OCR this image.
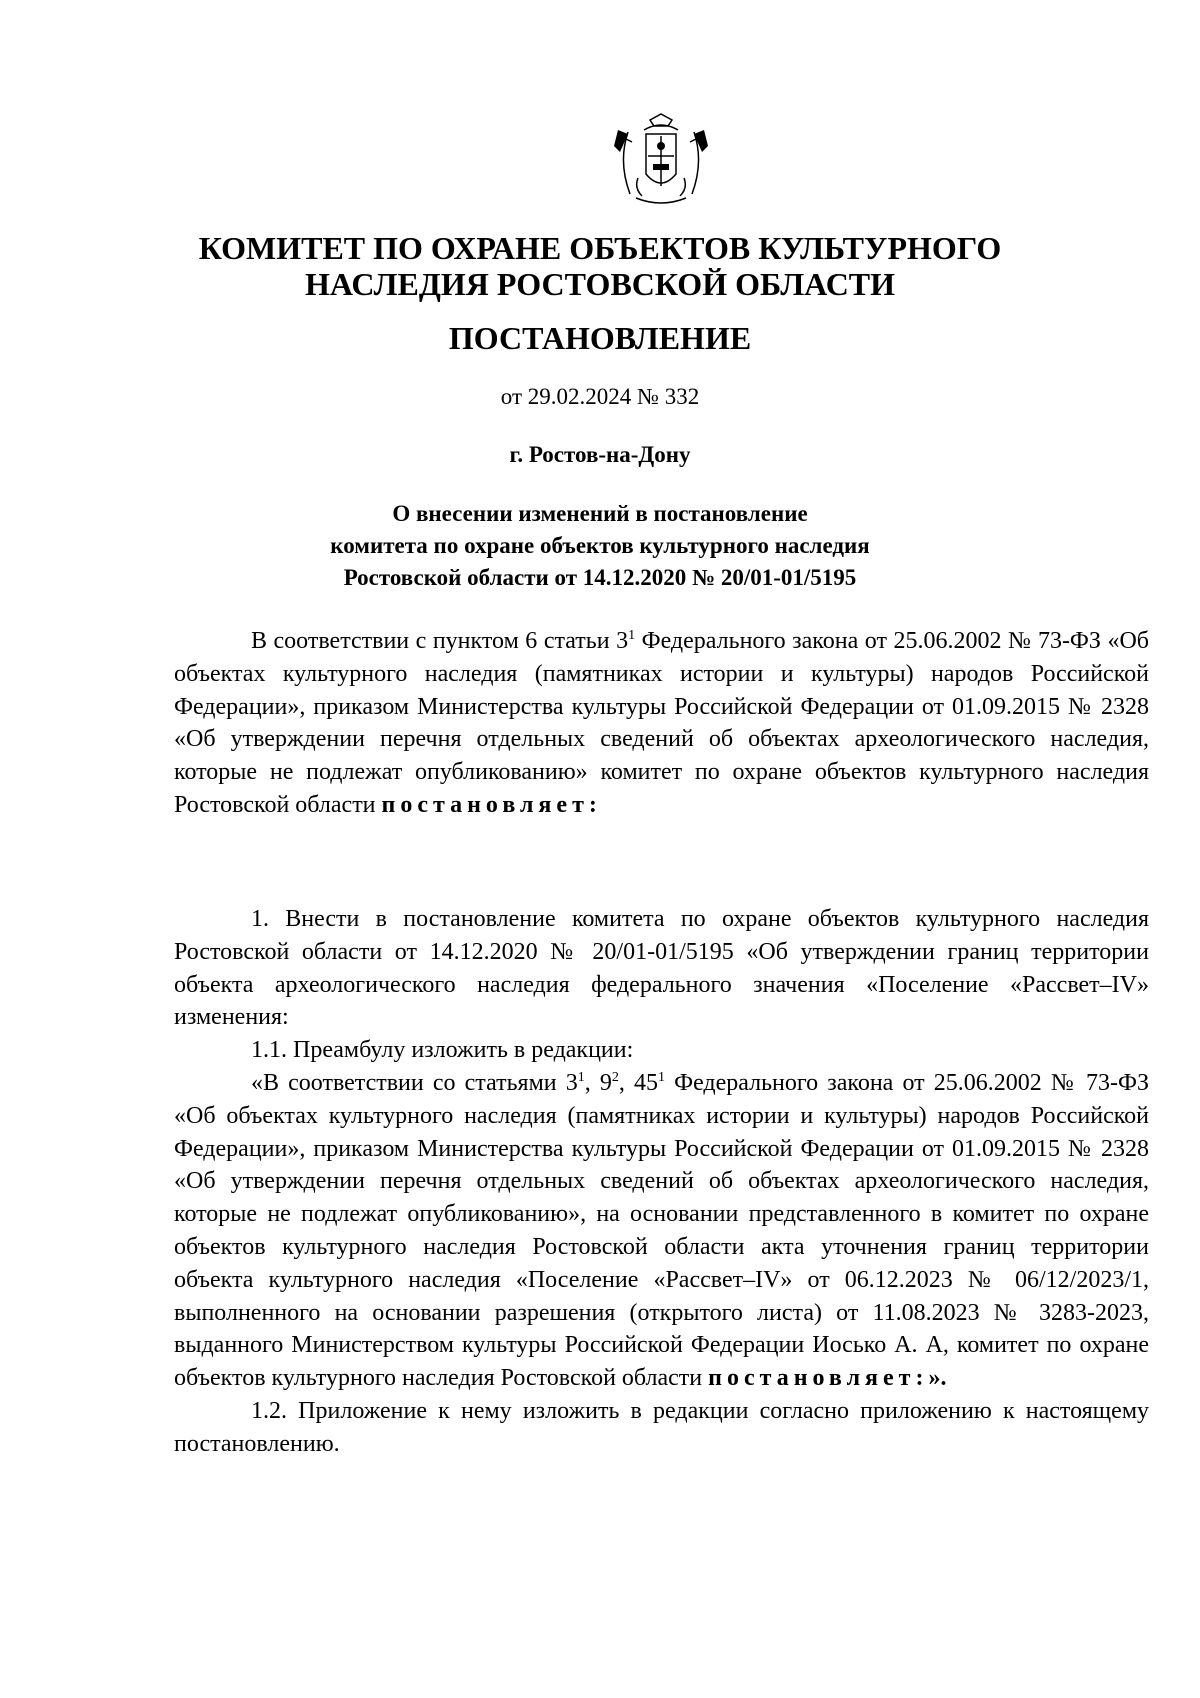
КОМИТЕТ ПО ОХРАНЕ ОБЪЕКТОВ КУЛЬТУРНОГО
НАСЛЕДИЯ РОСТОВСКОЙ ОБЛАСТИ
ПОСТАНОВЛЕНИЕ
от 29.02.2024 № 332
г. Ростов-на-Дону
О внесении изменений в постановление
комитета по охране объектов культурного наследия
Ростовской области от 14.12.2020 № 20/01-01/5195

В соответствии с пунктом 6 статьи $3^1$ Федерального закона от 25.06.2002 № 73-ФЗ «Об объектах культурного наследия (памятниках истории и культуры) народов Российской Федерации», приказом Министерства культуры Российской Федерации от 01.09.2015 № 2328 «Об утверждении перечня отдельных сведений об объектах археологического наследия, которые не подлежат опубликованию» комитет по охране объектов культурного наследия Ростовской области постановляет:

1. Внести в постановление комитета по охране объектов культурного наследия Ростовской области от 14.12.2020 № 20/01-01/5195 «Об утверждении границ территории объекта археологического наследия федерального значения «Поселение «Рассвет–IV» изменения:

1.1. Преамбулу изложить в редакции:

«В соответствии со статьями $3^1$, $9^2$, $45^1$ Федерального закона от 25.06.2002 № 73-ФЗ «Об объектах культурного наследия (памятниках истории и культуры) народов Российской Федерации», приказом Министерства культуры Российской Федерации от 01.09.2015 № 2328 «Об утверждении перечня отдельных сведений об объектах археологического наследия, которые не подлежат опубликованию», на основании представленного в комитет по охране объектов культурного наследия Ростовской области акта уточнения границ территории объекта культурного наследия «Поселение «Рассвет–IV» от 06.12.2023 № 06/12/2023/1, выполненного на основании разрешения (открытого листа) от 11.08.2023 № 3283-2023, выданного Министерством культуры Российской Федерации Иосько А. А, комитет по охране объектов культурного наследия Ростовской области постановляет:».

1.2. Приложение к нему изложить в редакции согласно приложению к настоящему постановлению.
